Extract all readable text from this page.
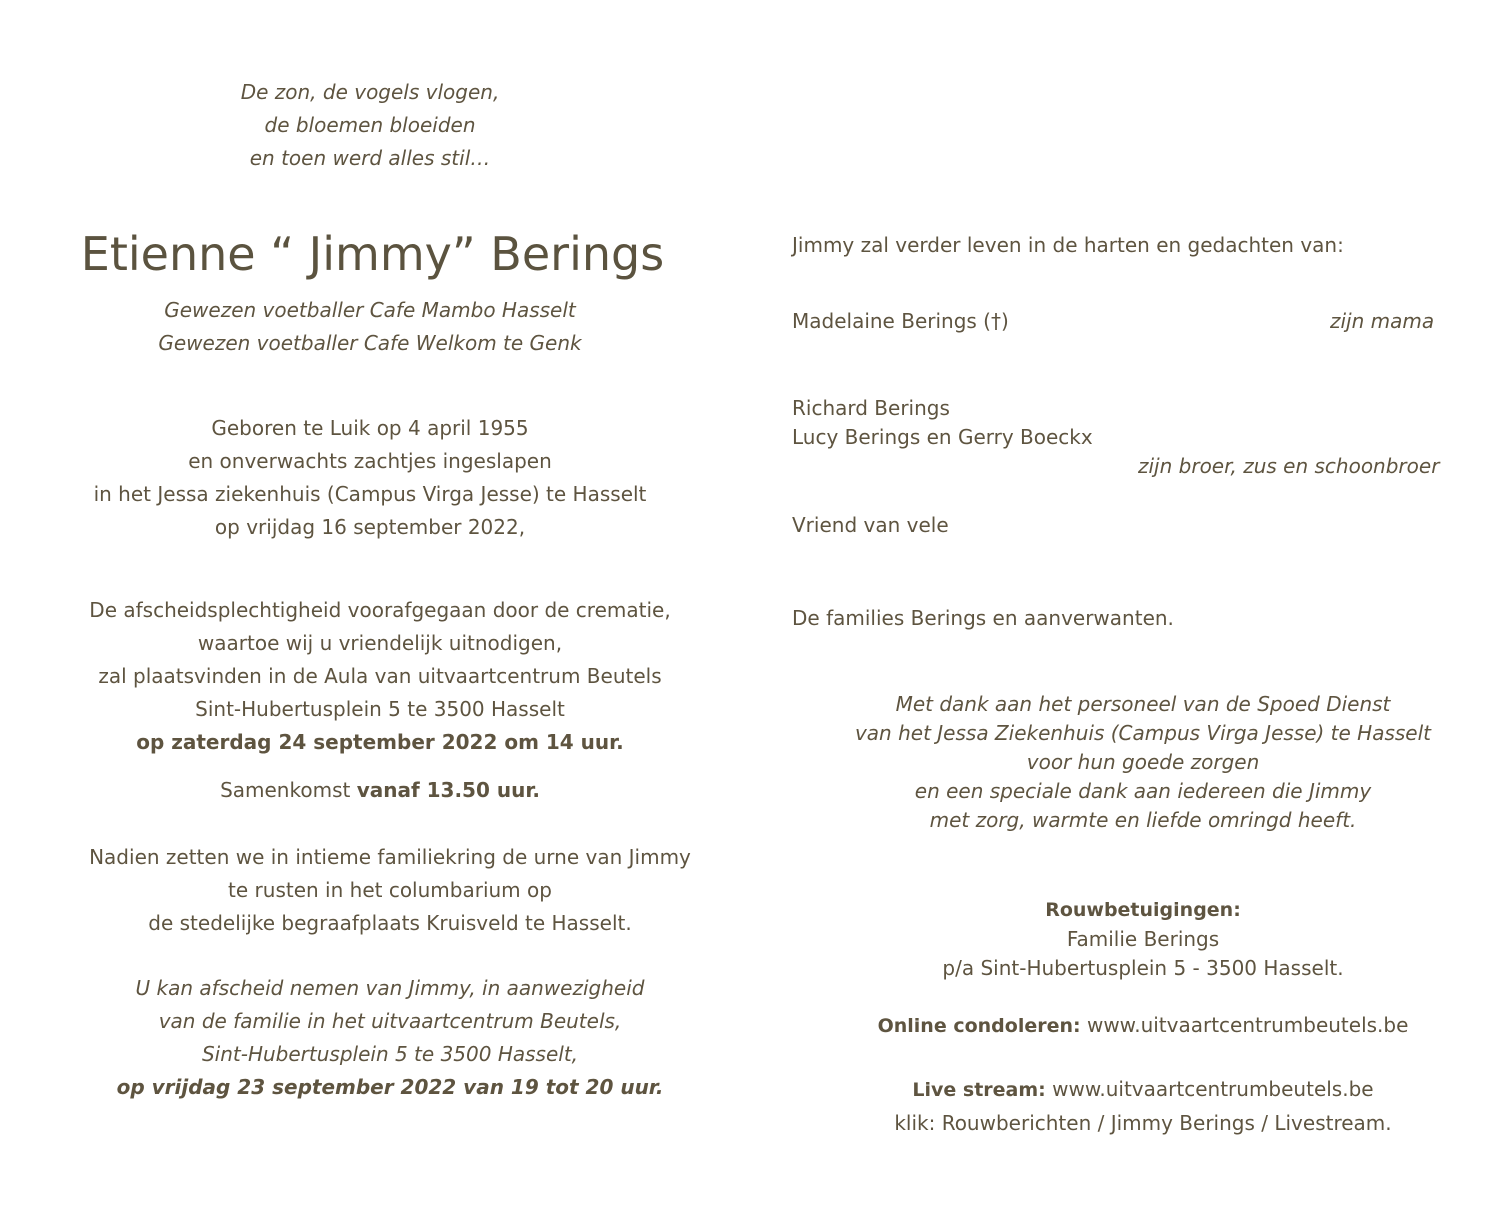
De zon, de vogels vlogen,

de bloemen bloeiden

en toen werd alles stil…

Etienne “ Jimmy” Berings

Gewezen voetballer Cafe Mambo Hasselt

Gewezen voetballer Cafe Welkom te Genk

Geboren te Luik op 4 april 1955

en onverwachts zachtjes ingeslapen

in het Jessa ziekenhuis (Campus Virga Jesse) te Hasselt

op vrijdag 16 september 2022,

De afscheidsplechtigheid voorafgegaan door de crematie,

waartoe wij u vriendelijk uitnodigen,

zal plaatsvinden in de Aula van uitvaartcentrum Beutels

Sint-Hubertusplein 5 te 3500 Hasselt

op zaterdag 24 september 2022 om 14 uur.

Samenkomst vanaf 13.50 uur.

Nadien zetten we in intieme familiekring de urne van Jimmy

te rusten in het columbarium op

de stedelijke begraafplaats Kruisveld te Hasselt.

U kan afscheid nemen van Jimmy, in aanwezigheid

van de familie in het uitvaartcentrum Beutels,

Sint-Hubertusplein 5 te 3500 Hasselt,

op vrijdag 23 september 2022 van 19 tot 20 uur.

Jimmy zal verder leven in de harten en gedachten van:
Madelaine Berings (†)	zijn mama

Richard Berings

Lucy Berings en Gerry Boeckx

zijn broer, zus en schoonbroer
Vriend van vele
De families Berings en aanverwanten.

Met dank aan het personeel van de Spoed Dienst

van het Jessa Ziekenhuis (Campus Virga Jesse) te Hasselt

voor hun goede zorgen

en een speciale dank aan iedereen die Jimmy

met zorg, warmte en liefde omringd heeft.

Rouwbetuigingen:

Familie Berings

p/a Sint-Hubertusplein 5 - 3500 Hasselt.

Online condoleren: www.uitvaartcentrumbeutels.be

Live stream: www.uitvaartcentrumbeutels.be

klik: Rouwberichten / Jimmy Berings / Livestream.
